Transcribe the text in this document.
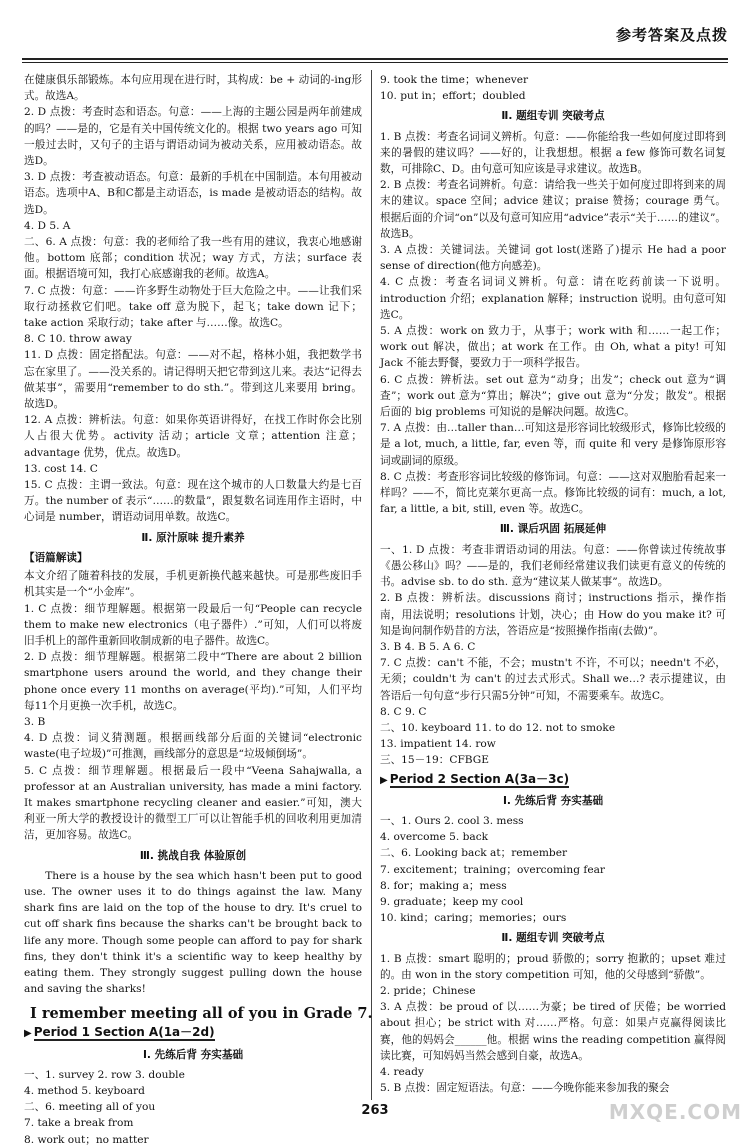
参考答案及点拨

在健康俱乐部锻炼。本句应用现在进行时，其构成：be + 动词的-ing形式。故选A。

2. D 点拨：考查时态和语态。句意：——上海的主题公园是两年前建成的吗？——是的，它是有关中国传统文化的。根据 two years ago 可知一般过去时，又句子的主语与谓语动词为被动关系，应用被动语态。故选D。

3. D 点拨：考查被动语态。句意：最新的手机在中国制造。本句用被动语态。选项中A、B和C都是主动语态，is made 是被动语态的结构。故选D。

4. D 5. A

二、6. A 点拨：句意：我的老师给了我一些有用的建议，我衷心地感谢他。bottom 底部；condition 状况；way 方式，方法；surface 表面。根据语境可知，我打心底感谢我的老师。故选A。

7. C 点拨：句意：——许多野生动物处于巨大危险之中。——让我们采取行动拯救它们吧。take off 意为脱下，起飞；take down 记下；take action 采取行动；take after 与……像。故选C。

8. C 10. throw away

11. D 点拨：固定搭配法。句意：——对不起，格林小姐，我把数学书忘在家里了。——没关系的。请记得明天把它带到这儿来。表达“记得去做某事”，需要用“remember to do sth.”。带到这儿来要用 bring。故选D。

12. A 点拨：辨析法。句意：如果你英语讲得好，在找工作时你会比别人占很大优势。activity 活动；article 文章；attention 注意；advantage 优势，优点。故选D。

13. cost 14. C

15. C 点拨：主谓一致法。句意：现在这个城市的人口数量大约是七百万。the number of 表示“……的数量”，跟复数名词连用作主语时，中心词是 number，谓语动词用单数。故选C。

Ⅱ. 原汁原味 提升素养
【语篇解读】

本文介绍了随着科技的发展，手机更新换代越来越快。可是那些废旧手机其实是一个“小金库”。

1. C 点拨：细节理解题。根据第一段最后一句“People can recycle them to make new electronics（电子器件）.”可知，人们可以将废旧手机上的部件重新回收制成新的电子器件。故选C。

2. D 点拨：细节理解题。根据第二段中“There are about 2 billion smartphone users around the world, and they change their phone once every 11 months on average(平均).”可知，人们平均每11个月更换一次手机，故选C。

3. B

4. D 点拨：词义猜测题。根据画线部分后面的关键词“electronic waste(电子垃圾)”可推测，画线部分的意思是“垃圾倾倒场”。

5. C 点拨：细节理解题。根据最后一段中“Veena Sahajwalla, a professor at an Australian university, has made a mini factory. It makes smartphone recycling cleaner and easier.”可知，澳大利亚一所大学的教授设计的微型工厂可以让智能手机的回收利用更加清洁，更加容易。故选C。

Ⅲ. 挑战自我 体验原创

There is a house by the sea which hasn't been put to good use. The owner uses it to do things against the law. Many shark fins are laid on the top of the house to dry. It's cruel to cut off shark fins because the sharks can't be brought back to life any more. Though some people can afford to pay for shark fins, they don't think it's a scientific way to keep healthy by eating them. They strongly suggest pulling down the house and saving the sharks!

I remember meeting all of you in Grade 7.
▶ Period 1 Section A(1a－2d)
Ⅰ. 先练后背 夯实基础

一、1. survey 2. row 3. double

4. method 5. keyboard

二、6. meeting all of you

7. take a break from

8. work out；no matter

9. took the time；whenever

10. put in；effort；doubled

Ⅱ. 题组专训 突破考点

1. B 点拨：考查名词词义辨析。句意：——你能给我一些如何度过即将到来的暑假的建议吗？——好的，让我想想。根据 a few 修饰可数名词复数，可排除C、D。由句意可知应该是寻求建议。故选B。

2. B 点拨：考查名词辨析。句意：请给我一些关于如何度过即将到来的周末的建议。space 空间；advice 建议；praise 赞扬；courage 勇气。根据后面的介词“on”以及句意可知应用“advice”表示“关于……的建议”。故选B。

3. A 点拨：关键词法。关键词 got lost(迷路了)提示 He had a poor sense of direction(他方向感差)。

4. C 点拨：考查名词词义辨析。句意：请在吃药前读一下说明。introduction 介绍；explanation 解释；instruction 说明。由句意可知选C。

5. A 点拨：work on 致力于，从事于；work with 和……一起工作；work out 解决，做出；at work 在工作。由 Oh, what a pity! 可知 Jack 不能去野餐，要致力于一项科学报告。

6. C 点拨：辨析法。set out 意为“动身；出发”；check out 意为“调查”；work out 意为“算出；解决”；give out 意为“分发；散发”。根据后面的 big problems 可知说的是解决问题。故选C。

7. A 点拨：由…taller than…可知这是形容词比较级形式，修饰比较级的是 a lot, much, a little, far, even 等，而 quite 和 very 是修饰原形容词或副词的原级。

8. C 点拨：考查形容词比较级的修饰词。句意：——这对双胞胎看起来一样吗？——不，简比克莱尔更高一点。修饰比较级的词有：much, a lot, far, a little, a bit, still, even 等。故选C。

Ⅲ. 课后巩固 拓展延伸

一、1. D 点拨：考查非谓语动词的用法。句意：——你曾读过传统故事《愚公移山》吗？——是的，我们老师经常建议我们读更有意义的传统的书。advise sb. to do sth. 意为“建议某人做某事”。故选D。

2. B 点拨：辨析法。discussions 商讨；instructions 指示，操作指南，用法说明；resolutions 计划，决心；由 How do you make it? 可知是询问制作奶昔的方法，答语应是“按照操作指南(去做)”。

3. B 4. B 5. A 6. C

7. C 点拨：can't 不能，不会；mustn't 不许，不可以；needn't 不必，无须；couldn't 为 can't 的过去式形式。Shall we…? 表示提建议，由答语后一句句意“步行只需5分钟”可知，不需要乘车。故选C。

8. C 9. C

二、10. keyboard 11. to do 12. not to smoke

13. impatient 14. row

三、15－19：CFBGE

▶ Period 2 Section A(3a－3c)
Ⅰ. 先练后背 夯实基础

一、1. Ours 2. cool 3. mess

4. overcome 5. back

二、6. Looking back at；remember

7. excitement；training；overcoming fear

8. for；making a；mess

9. graduate；keep my cool

10. kind；caring；memories；ours

Ⅱ. 题组专训 突破考点

1. B 点拨：smart 聪明的；proud 骄傲的；sorry 抱歉的；upset 难过的。由 won in the story competition 可知，他的父母感到“骄傲”。

2. pride；Chinese

3. A 点拨：be proud of 以……为豪；be tired of 厌倦；be worried about 担心；be strict with 对……严格。句意：如果卢克赢得阅读比赛，他的妈妈会______他。根据 wins the reading competition 赢得阅读比赛，可知妈妈当然会感到自豪，故选A。

4. ready

5. B 点拨：固定短语法。句意：——今晚你能来参加我的聚会

263	MXQE.COM
